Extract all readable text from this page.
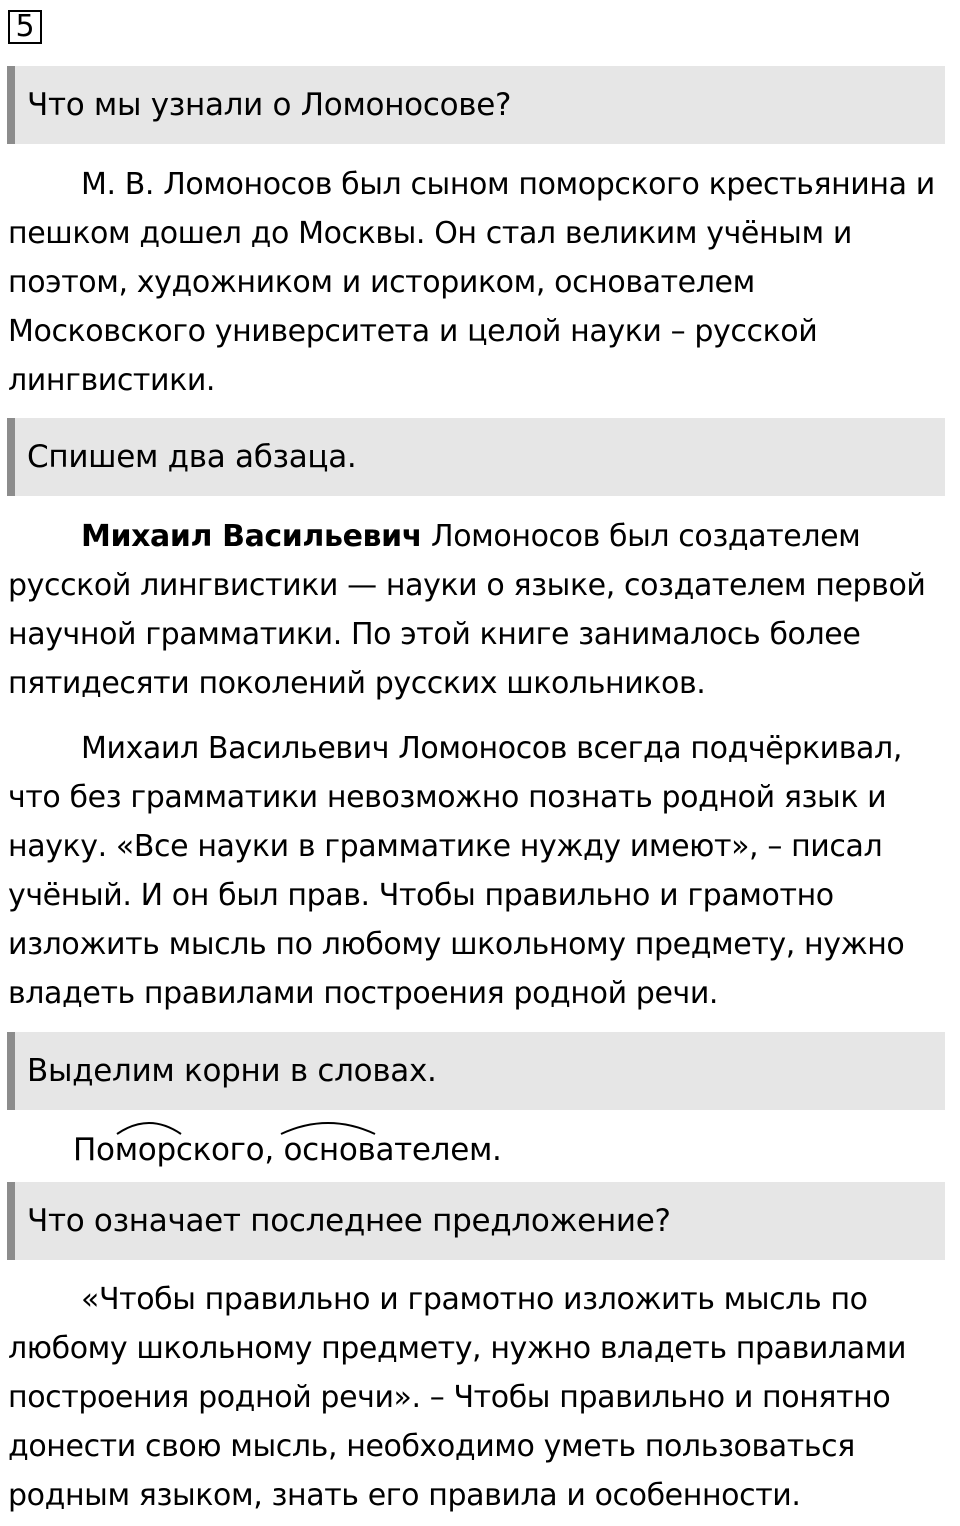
5
Что мы узнали о Ломоносове?
М. В. Ломоносов был сыном поморского крестьянина и
пешком дошел до Москвы. Он стал великим учёным и
поэтом, художником и историком, основателем
Московского университета и целой науки – русской
лингвистики.
Спишем два абзаца.
Михаил Васильевич Ломоносов был создателем
русской лингвистики — науки о языке, создателем первой
научной грамматики. По этой книге занималось более
пятидесяти поколений русских школьников.
Михаил Васильевич Ломоносов всегда подчёркивал,
что без грамматики невозможно познать родной язык и
науку. «Все науки в грамматике нужду имеют», – писал
учёный. И он был прав. Чтобы правильно и грамотно
изложить мысль по любому школьному предмету, нужно
владеть правилами построения родной речи.
Выделим корни в словах.
Поморского, основателем.
Что означает последнее предложение?
«Чтобы правильно и грамотно изложить мысль по
любому школьному предмету, нужно владеть правилами
построения родной речи». – Чтобы правильно и понятно
донести свою мысль, необходимо уметь пользоваться
родным языком, знать его правила и особенности.
